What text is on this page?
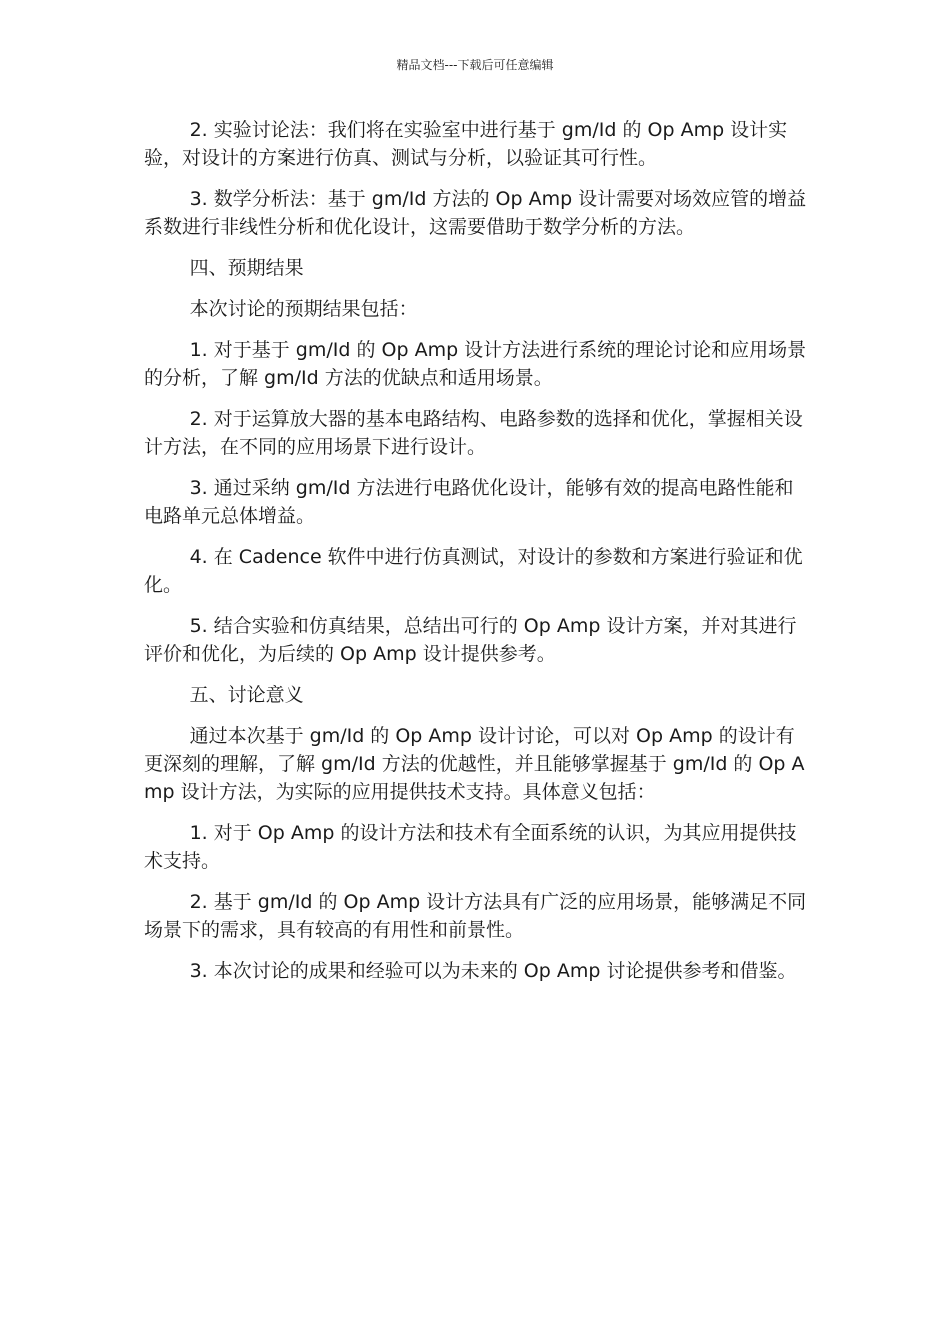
精品文档---下载后可任意编辑

2. 实验讨论法：我们将在实验室中进行基于 gm/Id 的 Op Amp 设计实验，对设计的方案进行仿真、测试与分析，以验证其可行性。

3. 数学分析法：基于 gm/Id 方法的 Op Amp 设计需要对场效应管的增益系数进行非线性分析和优化设计，这需要借助于数学分析的方法。

四、预期结果

本次讨论的预期结果包括：

1. 对于基于 gm/Id 的 Op Amp 设计方法进行系统的理论讨论和应用场景的分析，了解 gm/Id 方法的优缺点和适用场景。

2. 对于运算放大器的基本电路结构、电路参数的选择和优化，掌握相关设计方法，在不同的应用场景下进行设计。

3. 通过采纳 gm/Id 方法进行电路优化设计，能够有效的提高电路性能和电路单元总体增益。

4. 在 Cadence 软件中进行仿真测试，对设计的参数和方案进行验证和优化。

5. 结合实验和仿真结果，总结出可行的 Op Amp 设计方案，并对其进行评价和优化，为后续的 Op Amp 设计提供参考。

五、讨论意义

通过本次基于 gm/Id 的 Op Amp 设计讨论，可以对 Op Amp 的设计有更深刻的理解，了解 gm/Id 方法的优越性，并且能够掌握基于 gm/Id 的 Op Amp 设计方法，为实际的应用提供技术支持。具体意义包括：

1. 对于 Op Amp 的设计方法和技术有全面系统的认识，为其应用提供技术支持。

2. 基于 gm/Id 的 Op Amp 设计方法具有广泛的应用场景，能够满足不同场景下的需求，具有较高的有用性和前景性。

3. 本次讨论的成果和经验可以为未来的 Op Amp 讨论提供参考和借鉴。
